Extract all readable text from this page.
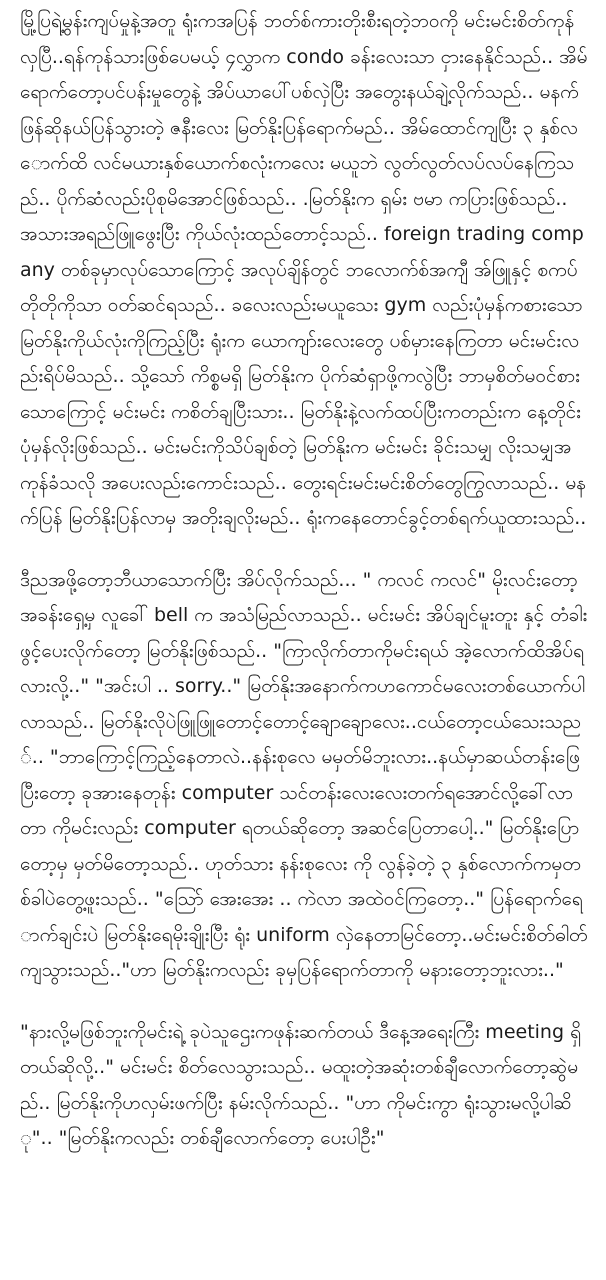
မြို့ပြရဲ့မွန်းကျပ်မှုနဲ့အတူ ရုံးကအပြန် ဘတ်စ်ကားတိုးစီးရတဲ့ဘဝကို မင်းမင်းစိတ်ကုန်လှပြီ..ရန်ကုန်သားဖြစ်ပေမယ့် ၄လွှာက condo ခန်းလေးသာ ငှားနေနိုင်သည်.. အိမ်ရောက်တော့ပင်ပန်းမှုတွေနဲ့ အိပ်ယာပေါ်ပစ်လှဲပြီး အတွေးနယ်ချဲ့လိုက်သည်.. မနက်ဖြန်ဆိုနယ်ပြန်သွားတဲ့ ဇနီးလေး မြတ်နိုးပြန်ရောက်မည်.. အိမ်ထောင်ကျပြီး ၃ နှစ်လောက်ထိ လင်မယားနှစ်ယောက်စလုံးကလေး မယူဘဲ လွတ်လွတ်လပ်လပ်နေကြသည်.. ပိုက်ဆံလည်းပိုစုမိအောင်ဖြစ်သည်.. .မြတ်နိုးက ရှမ်း ဗမာ ကပြားဖြစ်သည်.. အသားအရည်ဖြူဖွေးပြီး ကိုယ်လုံးထည်တောင့်သည်.. foreign trading company တစ်ခုမှာလုပ်သောကြောင့် အလုပ်ချိန်တွင် ဘလောက်စ်အကျီ အ်ဖြူနှင့် စကပ်တိုတိုကိုသာ ဝတ်ဆင်ရသည်.. ခလေးလည်းမယူသေး gym လည်းပုံမှန်ကစားသော မြတ်နိုးကိုယ်လုံးကိုကြည့်ပြီး ရုံးက ယောကျာ်းလေးတွေ ပစ်မှားနေကြတာ မင်းမင်းလည်းရိပ်မိသည်.. သို့သော် ကိစ္စမရှိ မြတ်နိုးက ပိုက်ဆံရှာဖို့ကလွဲပြီး ဘာမှစိတ်မဝင်စားသောကြောင့် မင်းမင်း ကစိတ်ချပြီးသား.. မြတ်နိုးနဲ့လက်ထပ်ပြီးကတည်းက နေ့တိုင်းပုံမှန်လိုးဖြစ်သည်.. မင်းမင်းကိုသိပ်ချစ်တဲ့ မြတ်နိုးက မင်းမင်း ခိုင်းသမျှ လိုးသမျှအကုန်ခံသလို အပေးလည်းကောင်းသည်.. တွေးရင်းမင်းမင်းစိတ်တွေကြွလာသည်.. မနက်ပြန် မြတ်နိုးပြန်လာမှ အတိုးချလိုးမည်.. ရုံးကနေတောင်ခွင့်တစ်ရက်ယူထားသည်..

ဒီညအဖို့တော့ဘီယာသောက်ပြီး အိပ်လိုက်သည်... " ကလင် ကလင်" မိုးလင်းတော့ အခန်းရှေ့မှ လူခေါ် bell က အသံမြည်လာသည်.. မင်းမင်း အိပ်ချင်မူးတူး နှင့် တံခါးဖွင့်ပေးလိုက်တော့ မြတ်နိုးဖြစ်သည်.. "ကြာလိုက်တာကိုမင်းရယ် အဲ့လောက်ထိအိပ်ရလားလို့.." "အင်းပါ .. sorry.." မြတ်နိုးအနောက်ကဟကောင်မလေးတစ်ယောက်ပါလာသည်.. မြတ်နိုးလိုပဲဖြူဖြူတောင့်တောင့်ချောချောလေး..ငယ်တော့ငယ်သေးသည်.. "ဘာကြောင့်ကြည့်နေတာလဲ..နန်းစုလေ မမှတ်မိဘူးလား..နယ်မှာဆယ်တန်းဖြေပြီးတော့ ခုအားနေတုန်း computer သင်တန်းလေးလေးတက်ရအောင်လို့ခေါ်လာတာ ကိုမင်းလည်း computer ရတယ်ဆိုတော့ အဆင်ပြေတာပေါ့.." မြတ်နိုးပြောတော့မှ မှတ်မိတော့သည်.. ဟုတ်သား နန်းစုလေး ကို လွန်ခဲ့တဲ့ ၃ နှစ်လောက်ကမှတစ်ခါပဲတွေ့ဖူးသည်.. "သြော် အေးအေး .. ကဲလာ အထဲဝင်ကြတော့.." ပြန်ရောက်ရောက်ချင်းပဲ မြတ်နိုးရေမိုးချိုးပြီး ရုံး uniform လှဲနေတာမြင်တော့..မင်းမင်းစိတ်ဓါတ်ကျသွားသည်.."ဟာ မြတ်နိုးကလည်း ခုမှပြန်ရောက်တာကို မနားတော့ဘူးလား.."

"နားလို့မဖြစ်ဘူးကိုမင်းရဲ့ ခုပဲသူဌေးကဖုန်းဆက်တယ် ဒီနေ့အရေးကြီး meeting ရှိတယ်ဆိုလို့.." မင်းမင်း စိတ်လေသွားသည်.. မထူးတဲ့အဆုံးတစ်ချီလောက်တော့ဆွဲမည်.. မြတ်နိုးကိုဟလှမ်းဖက်ပြီး နမ်းလိုက်သည်.. "ဟာ ကိုမင်းကွာ ရုံးသွားမလို့ပါဆို".. "မြတ်နိုးကလည်း တစ်ချီလောက်တော့ ပေးပါဦး"
